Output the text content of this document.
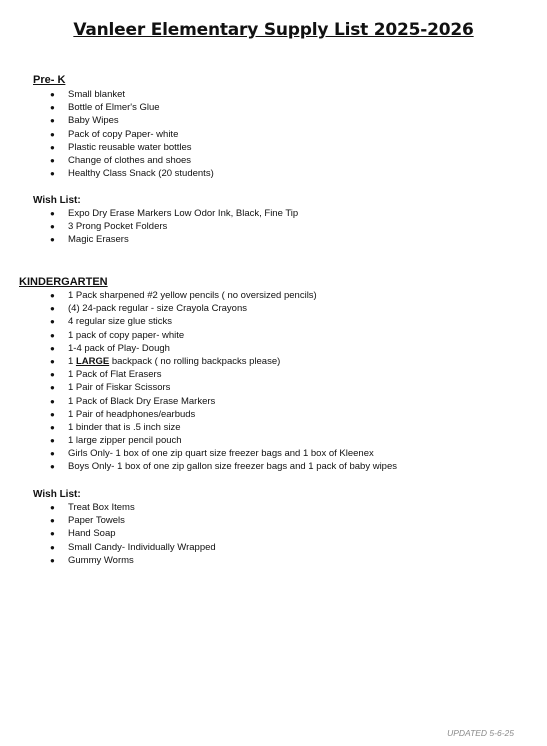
Vanleer Elementary Supply List 2025-2026
Pre- K
● Small blanket
● Bottle of Elmer's Glue
● Baby Wipes
● Pack of copy Paper- white
● Plastic reusable water bottles
● Change of clothes and shoes
● Healthy Class Snack (20 students)
Wish List:
● Expo Dry Erase Markers Low Odor Ink, Black, Fine Tip
● 3 Prong Pocket Folders
● Magic Erasers
KINDERGARTEN
● 1 Pack sharpened #2 yellow pencils ( no oversized pencils)
● (4) 24-pack regular - size Crayola Crayons
● 4 regular size glue sticks
● 1 pack of copy paper- white
● 1-4 pack of Play- Dough
● 1 LARGE backpack ( no rolling backpacks please)
● 1 Pack of Flat Erasers
● 1 Pair of Fiskar Scissors
● 1 Pack of Black Dry Erase Markers
● 1 Pair of headphones/earbuds
● 1 binder that is .5 inch size
● 1 large zipper pencil pouch
● Girls Only- 1 box of one zip quart size freezer bags and 1 box of Kleenex
● Boys Only- 1 box of one zip gallon size freezer bags and 1 pack of baby wipes
Wish List:
● Treat Box Items
● Paper Towels
● Hand Soap
● Small Candy- Individually Wrapped
● Gummy Worms
UPDATED 5-6-25
